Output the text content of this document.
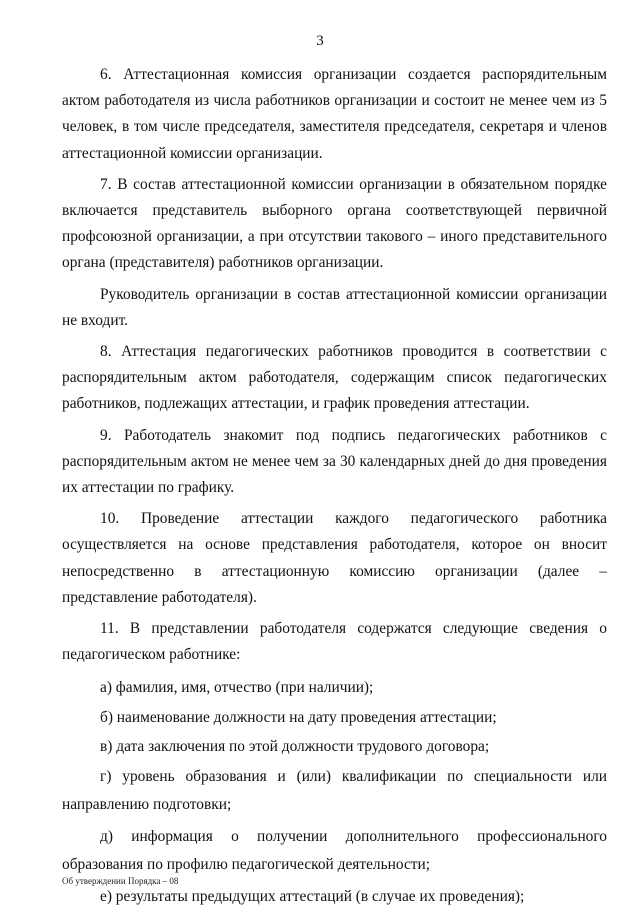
3

6. Аттестационная комиссия организации создается распорядительным актом работодателя из числа работников организации и состоит не менее чем из 5 человек, в том числе председателя, заместителя председателя, секретаря и членов аттестационной комиссии организации.

7. В состав аттестационной комиссии организации в обязательном порядке включается представитель выборного органа соответствующей первичной профсоюзной организации, а при отсутствии такового – иного представительного органа (представителя) работников организации.

Руководитель организации в состав аттестационной комиссии организации не входит.

8. Аттестация педагогических работников проводится в соответствии с распорядительным актом работодателя, содержащим список педагогических работников, подлежащих аттестации, и график проведения аттестации.

9. Работодатель знакомит под подпись педагогических работников с распорядительным актом не менее чем за 30 календарных дней до дня проведения их аттестации по графику.

10. Проведение аттестации каждого педагогического работника осуществляется на основе представления работодателя, которое он вносит непосредственно в аттестационную комиссию организации (далее – представление работодателя).

11. В представлении работодателя содержатся следующие сведения о педагогическом работнике:

а) фамилия, имя, отчество (при наличии);

б) наименование должности на дату проведения аттестации;

в) дата заключения по этой должности трудового договора;

г) уровень образования и (или) квалификации по специальности или направлению подготовки;

д) информация о получении дополнительного профессионального образования по профилю педагогической деятельности;

е) результаты предыдущих аттестаций (в случае их проведения);

Об утверждении Порядка – 08
